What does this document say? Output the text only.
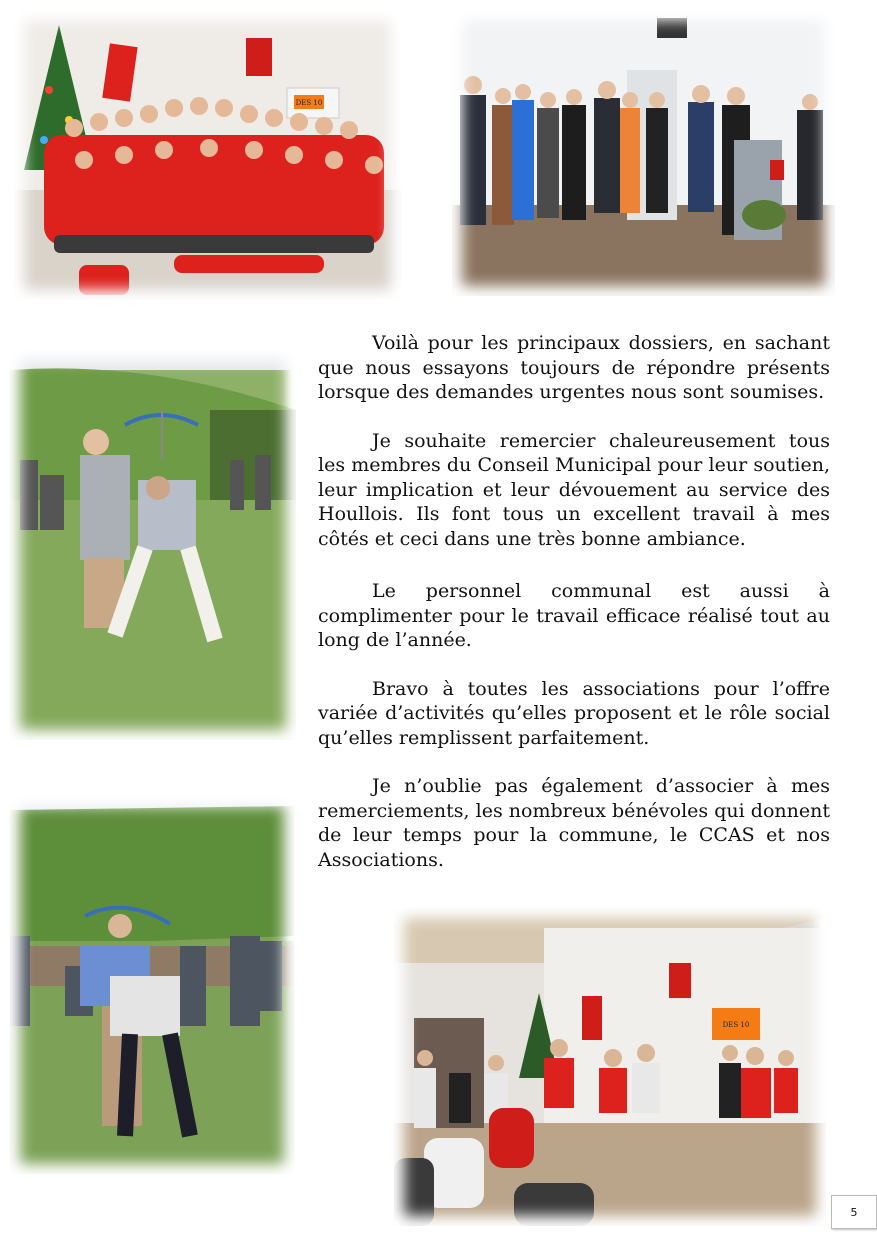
DES 10
DES 10

Voilà pour les principaux dossiers, en sachant que nous essayons toujours de répondre présents lorsque des demandes urgentes nous sont soumises.

Je souhaite remercier chaleureusement tous les membres du Conseil Municipal pour leur soutien, leur implication et leur dévouement au service des Houllois. Ils font tous un excellent travail à mes côtés et ceci dans une très bonne ambiance.

Le personnel communal est aussi à complimenter pour le travail efficace réalisé tout au long de l’année.

Bravo à toutes les associations pour l’offre variée d’activités qu’elles proposent et le rôle social qu’elles remplissent parfaitement.

Je n’oublie pas également d’associer à mes remerciements, les nombreux bénévoles qui donnent de leur temps pour la commune, le CCAS et nos Associations.

5
